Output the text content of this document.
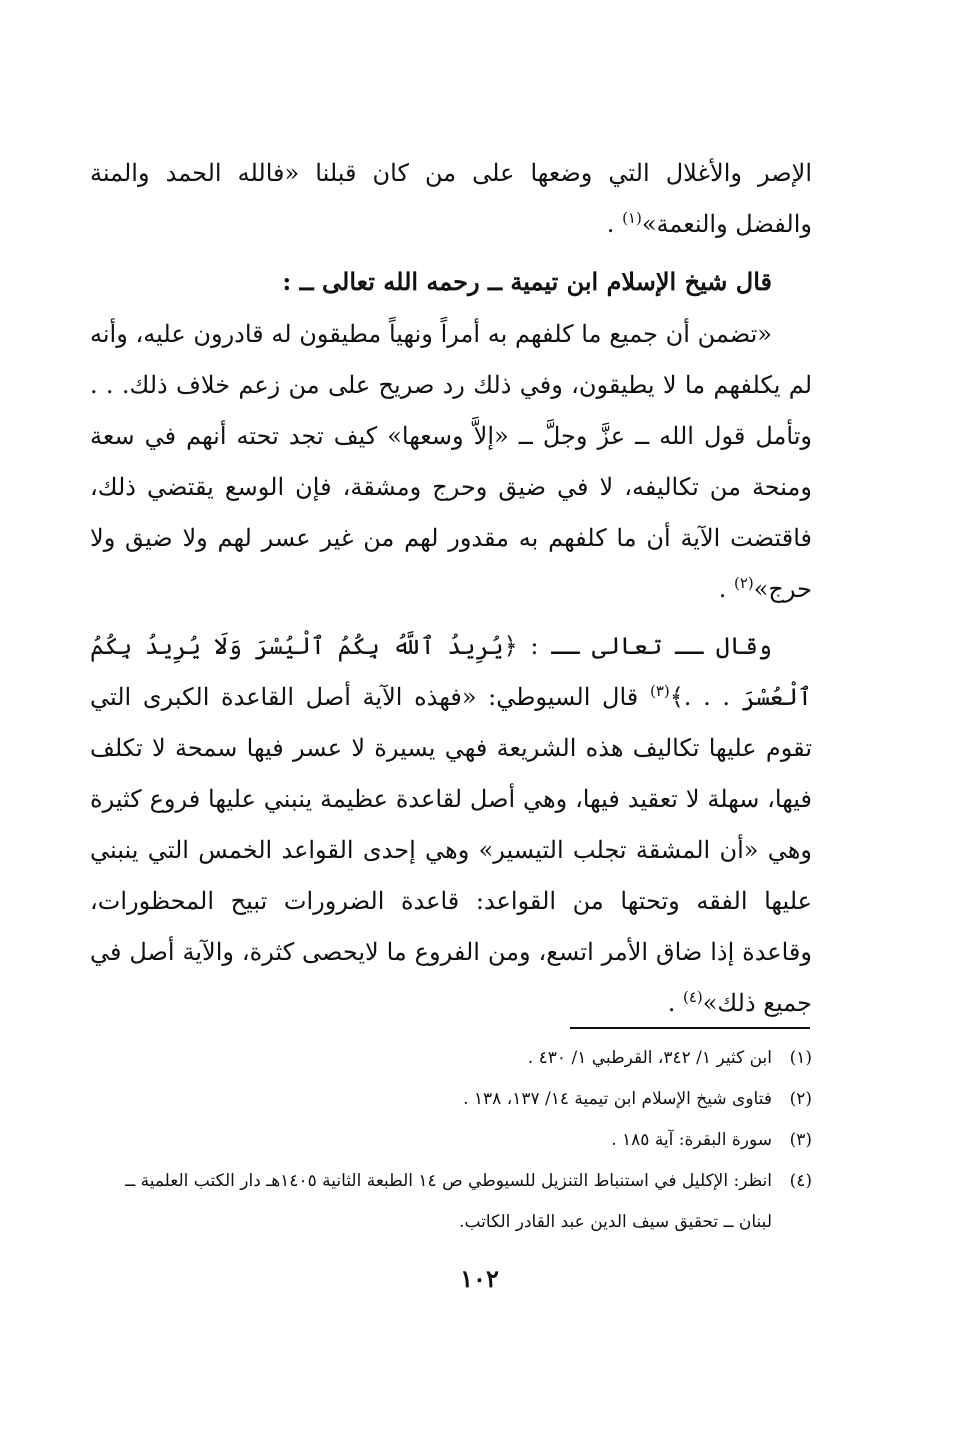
الإصر والأغلال التي وضعها على من كان قبلنا «فالله الحمد والمنة والفضل والنعمة»$^{(١)}$ .

قال شيخ الإسلام ابن تيمية ــ رحمه الله تعالى ــ :

«تضمن أن جميع ما كلفهم به أمراً ونهياً مطيقون له قادرون عليه، وأنه لم يكلفهم ما لا يطيقون، وفي ذلك رد صريح على من زعم خلاف ذلك. . . وتأمل قول الله ــ عزَّ وجلَّ ــ «إلاَّ وسعها» كيف تجد تحته أنهم في سعة ومنحة من تكاليفه، لا في ضيق وحرج ومشقة، فإن الوسع يقتضي ذلك، فاقتضت الآية أن ما كلفهم به مقدور لهم من غير عسر لهم ولا ضيق ولا حرج»$^{(٢)}$ .

وقال ــ تعالى ــ : ﴿يُرِيدُ ٱللَّهُ بِكُمُ ٱلْيُسْرَ وَلَا يُرِيدُ بِكُمُ ٱلْعُسْرَ . . .﴾$^{(٣)}$ قال السيوطي: «فهذه الآية أصل القاعدة الكبرى التي تقوم عليها تكاليف هذه الشريعة فهي يسيرة لا عسر فيها سمحة لا تكلف فيها، سهلة لا تعقيد فيها، وهي أصل لقاعدة عظيمة ينبني عليها فروع كثيرة وهي «أن المشقة تجلب التيسير» وهي إحدى القواعد الخمس التي ينبني عليها الفقه وتحتها من القواعد: قاعدة الضرورات تبيح المحظورات، وقاعدة إذا ضاق الأمر اتسع، ومن الفروع ما لايحصى كثرة، والآية أصل في جميع ذلك»$^{(٤)}$ .

(١)
ابن كثير ١/ ٣٤٢، القرطبي ١/ ٤٣٠ .
(٢)
فتاوى شيخ الإسلام ابن تيمية ١٤/ ١٣٧، ١٣٨ .
(٣)
سورة البقرة: آية ١٨٥ .
(٤)
انظر: الإكليل في استنباط التنزيل للسيوطي ص ١٤ الطبعة الثانية ١٤٠٥هـ دار الكتب العلمية ــ لبنان ــ تحقيق سيف الدين عبد القادر الكاتب.
١٠٢
